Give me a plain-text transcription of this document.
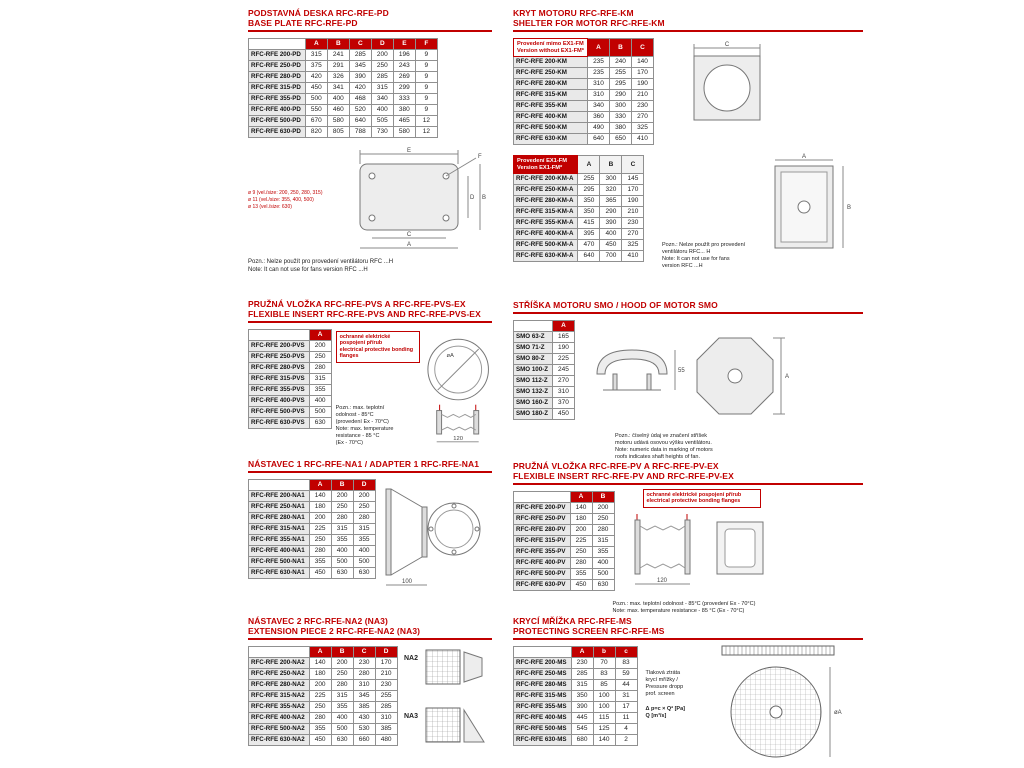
PODSTAVNÁ DESKA RFC-RFE-PD
BASE PLATE RFC-RFE-PD
	A	B	C	D	E	F
RFC-RFE 200-PD	315	241	285	200	196	9
RFC-RFE 250-PD	375	291	345	250	243	9
RFC-RFE 280-PD	420	326	390	285	269	9
RFC-RFE 315-PD	450	341	420	315	299	9
RFC-RFE 355-PD	500	400	468	340	333	9
RFC-RFE 400-PD	550	460	520	400	380	9
RFC-RFE 500-PD	670	580	640	505	465	12
RFC-RFE 630-PD	820	805	788	730	580	12
ø 9 (vel./size: 200, 250, 280, 315)
ø 11 (vel./size: 355, 400, 500)
ø 13 (vel./size: 630)
E
F
C
A
D B
Pozn.: Nelze použít pro provedení ventilátoru RFC ...H
Note: It can not use for fans version RFC ...H
KRYT MOTORU RFC-RFE-KM
SHELTER FOR MOTOR RFC-RFE-KM
Provedení mimo EX1-FM
Version without EX1-FM*	A	B	C
RFC-RFE 200-KM	235	240	140
RFC-RFE 250-KM	235	255	170
RFC-RFE 280-KM	310	295	190
RFC-RFE 315-KM	310	290	210
RFC-RFE 355-KM	340	300	230
RFC-RFE 400-KM	360	330	270
RFC-RFE 500-KM	490	380	325
RFC-RFE 630-KM	640	650	410
Provedení EX1-FM
Version EX1-FM*	A	B	C
RFC-RFE 200-KM-A	255	300	145
RFC-RFE 250-KM-A	295	320	170
RFC-RFE 280-KM-A	350	365	190
RFC-RFE 315-KM-A	350	290	210
RFC-RFE 355-KM-A	415	390	230
RFC-RFE 400-KM-A	395	400	270
RFC-RFE 500-KM-A	470	450	325
RFC-RFE 630-KM-A	640	700	410
C
A
B
Pozn.: Nelze použít pro provedení
ventilátoru RFC... H
Note: It can not use for fans
version RFC ...H
PRUŽNÁ VLOŽKA RFC-RFE-PVS A RFC-RFE-PVS-EX
FLEXIBLE INSERT RFC-RFE-PVS AND RFC-RFE-PVS-EX
	A
RFC-RFE 200-PVS	200
RFC-RFE 250-PVS	250
RFC-RFE 280-PVS	280
RFC-RFE 315-PVS	315
RFC-RFE 355-PVS	355
RFC-RFE 400-PVS	400
RFC-RFE 500-PVS	500
RFC-RFE 630-PVS	630
ochranné elektrické pospojení přírub
electrical protective bonding flanges
Pozn.: max. teplotní
odolnost - 85°C
(provedení Ex - 70°C)
Note: max. temperature
resistance - 85 °C
(Ex - 70°C)
øA
120
STŘÍŠKA MOTORU SMO / HOOD OF MOTOR SMO
	A
SMO 63-Z	165
SMO 71-Z	190
SMO 80-Z	225
SMO 100-Z	245
SMO 112-Z	270
SMO 132-Z	310
SMO 160-Z	370
SMO 180-Z	450
55
A
Pozn.: číselný údaj ve značení stříšek
motoru udává osovou výšku ventilátoru.
Note: numeric data in marking of motors
roofs indicates shaft heights of fan.
NÁSTAVEC 1 RFC-RFE-NA1 / ADAPTER 1 RFC-RFE-NA1
	A	B	D
RFC-RFE 200-NA1	140	200	200
RFC-RFE 250-NA1	180	250	250
RFC-RFE 280-NA1	200	280	280
RFC-RFE 315-NA1	225	315	315
RFC-RFE 355-NA1	250	355	355
RFC-RFE 400-NA1	280	400	400
RFC-RFE 500-NA1	355	500	500
RFC-RFE 630-NA1	450	630	630
100
PRUŽNÁ VLOŽKA RFC-RFE-PV A RFC-RFE-PV-EX
FLEXIBLE INSERT RFC-RFE-PV AND RFC-RFE-PV-EX
	A	B
RFC-RFE 200-PV	140	200
RFC-RFE 250-PV	180	250
RFC-RFE 280-PV	200	280
RFC-RFE 315-PV	225	315
RFC-RFE 355-PV	250	355
RFC-RFE 400-PV	280	400
RFC-RFE 500-PV	355	500
RFC-RFE 630-PV	450	630
ochranné elektrické pospojení přírub
electrical protective bonding flanges
120
Pozn.: max. teplotní odolnost - 85°C (provedení Ex - 70°C)
Note: max. temperature resistance - 85 °C (Ex - 70°C)
NÁSTAVEC 2 RFC-RFE-NA2 (NA3)
EXTENSION PIECE 2 RFC-RFE-NA2 (NA3)
	A	B	C	D
RFC-RFE 200-NA2	140	200	230	170
RFC-RFE 250-NA2	180	250	280	210
RFC-RFE 280-NA2	200	280	310	230
RFC-RFE 315-NA2	225	315	345	255
RFC-RFE 355-NA2	250	355	385	285
RFC-RFE 400-NA2	280	400	430	310
RFC-RFE 500-NA2	355	500	530	385
RFC-RFE 630-NA2	450	630	660	480
NA2
NA3
KRYCÍ MŘÍŽKA RFC-RFE-MS
PROTECTING SCREEN RFC-RFE-MS
	A	b	c
RFC-RFE 200-MS	230	70	83
RFC-RFE 250-MS	285	83	59
RFC-RFE 280-MS	315	85	44
RFC-RFE 315-MS	350	100	31
RFC-RFE 355-MS	390	100	17
RFC-RFE 400-MS	445	115	11
RFC-RFE 500-MS	545	125	4
RFC-RFE 630-MS	680	140	2
Tlaková ztráta
krycí mřížky /
Pressure dropp
prof. screen
Δ p=c × Q² [Pa]
Q [m³/s]	øA
